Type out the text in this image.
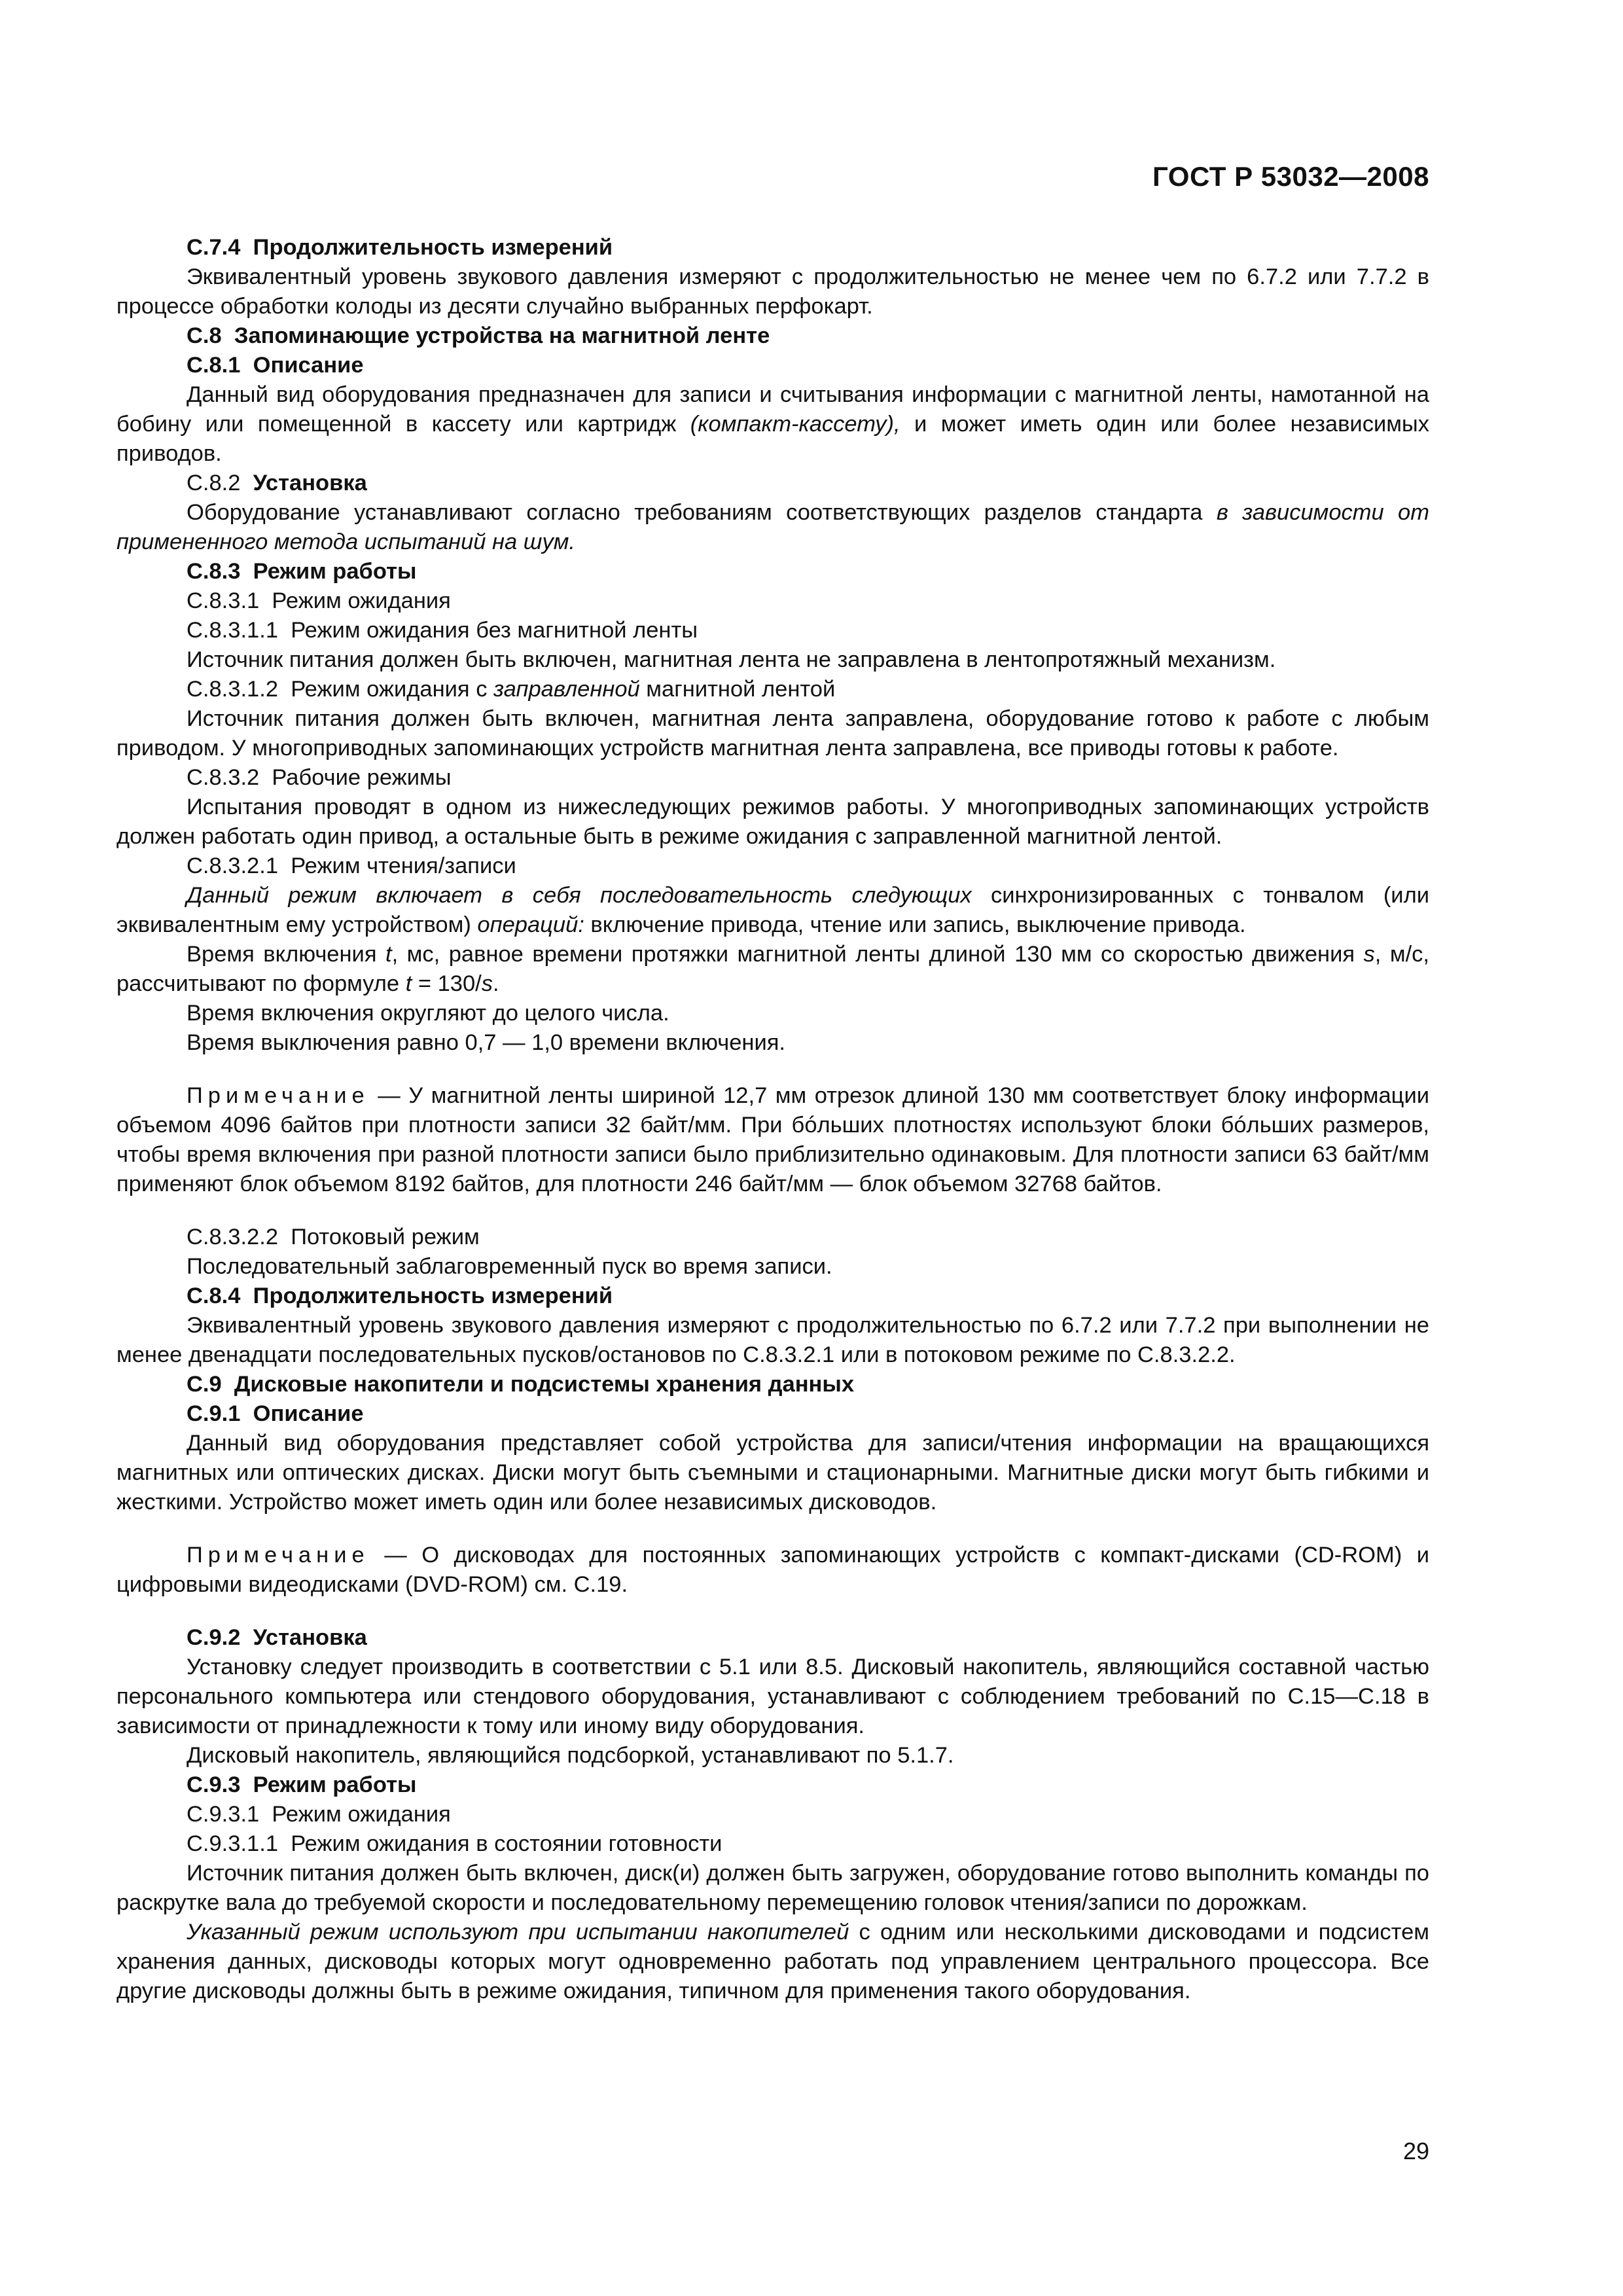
ГОСТ Р 53032—2008

С.7.4 Продолжительность измерений

Эквивалентный уровень звукового давления измеряют с продолжительностью не менее чем по 6.7.2 или 7.7.2 в процессе обработки колоды из десяти случайно выбранных перфокарт.

С.8 Запоминающие устройства на магнитной ленте

С.8.1 Описание

Данный вид оборудования предназначен для записи и считывания информации с магнитной ленты, намотанной на бобину или помещенной в кассету или картридж (компакт-кассету), и может иметь один или более независимых приводов.

С.8.2 Установка

Оборудование устанавливают согласно требованиям соответствующих разделов стандарта в зависимости от примененного метода испытаний на шум.

С.8.3 Режим работы

С.8.3.1 Режим ожидания

С.8.3.1.1 Режим ожидания без магнитной ленты

Источник питания должен быть включен, магнитная лента не заправлена в лентопротяжный механизм.

С.8.3.1.2 Режим ожидания с заправленной магнитной лентой

Источник питания должен быть включен, магнитная лента заправлена, оборудование готово к работе с любым приводом. У многоприводных запоминающих устройств магнитная лента заправлена, все приводы готовы к работе.

С.8.3.2 Рабочие режимы

Испытания проводят в одном из нижеследующих режимов работы. У многоприводных запоминающих устройств должен работать один привод, а остальные быть в режиме ожидания с заправленной магнитной лентой.

С.8.3.2.1 Режим чтения/записи

Данный режим включает в себя последовательность следующих синхронизированных с тонвалом (или эквивалентным ему устройством) операций: включение привода, чтение или запись, выключение привода.

Время включения t, мс, равное времени протяжки магнитной ленты длиной 130 мм со скоростью движения s, м/с, рассчитывают по формуле t = 130/s.

Время включения округляют до целого числа.

Время выключения равно 0,7 — 1,0 времени включения.

Примечание — У магнитной ленты шириной 12,7 мм отрезок длиной 130 мм соответствует блоку информации объемом 4096 байтов при плотности записи 32 байт/мм. При бóльших плотностях используют блоки бóльших размеров, чтобы время включения при разной плотности записи было приблизительно одинаковым. Для плотности записи 63 байт/мм применяют блок объемом 8192 байтов, для плотности 246 байт/мм — блок объемом 32768 байтов.

С.8.3.2.2 Потоковый режим

Последовательный заблаговременный пуск во время записи.

С.8.4 Продолжительность измерений

Эквивалентный уровень звукового давления измеряют с продолжительностью по 6.7.2 или 7.7.2 при выполнении не менее двенадцати последовательных пусков/остановов по С.8.3.2.1 или в потоковом режиме по С.8.3.2.2.

С.9 Дисковые накопители и подсистемы хранения данных

С.9.1 Описание

Данный вид оборудования представляет собой устройства для записи/чтения информации на вращающихся магнитных или оптических дисках. Диски могут быть съемными и стационарными. Магнитные диски могут быть гибкими и жесткими. Устройство может иметь один или более независимых дисководов.

Примечание — О дисководах для постоянных запоминающих устройств с компакт-дисками (CD-ROM) и цифровыми видеодисками (DVD-ROM) см. С.19.

С.9.2 Установка

Установку следует производить в соответствии с 5.1 или 8.5. Дисковый накопитель, являющийся составной частью персонального компьютера или стендового оборудования, устанавливают с соблюдением требований по С.15—С.18 в зависимости от принадлежности к тому или иному виду оборудования.

Дисковый накопитель, являющийся подсборкой, устанавливают по 5.1.7.

С.9.3 Режим работы

С.9.3.1 Режим ожидания

С.9.3.1.1 Режим ожидания в состоянии готовности

Источник питания должен быть включен, диск(и) должен быть загружен, оборудование готово выполнить команды по раскрутке вала до требуемой скорости и последовательному перемещению головок чтения/записи по дорожкам.

Указанный режим используют при испытании накопителей с одним или несколькими дисководами и подсистем хранения данных, дисководы которых могут одновременно работать под управлением центрального процессора. Все другие дисководы должны быть в режиме ожидания, типичном для применения такого оборудования.

29
